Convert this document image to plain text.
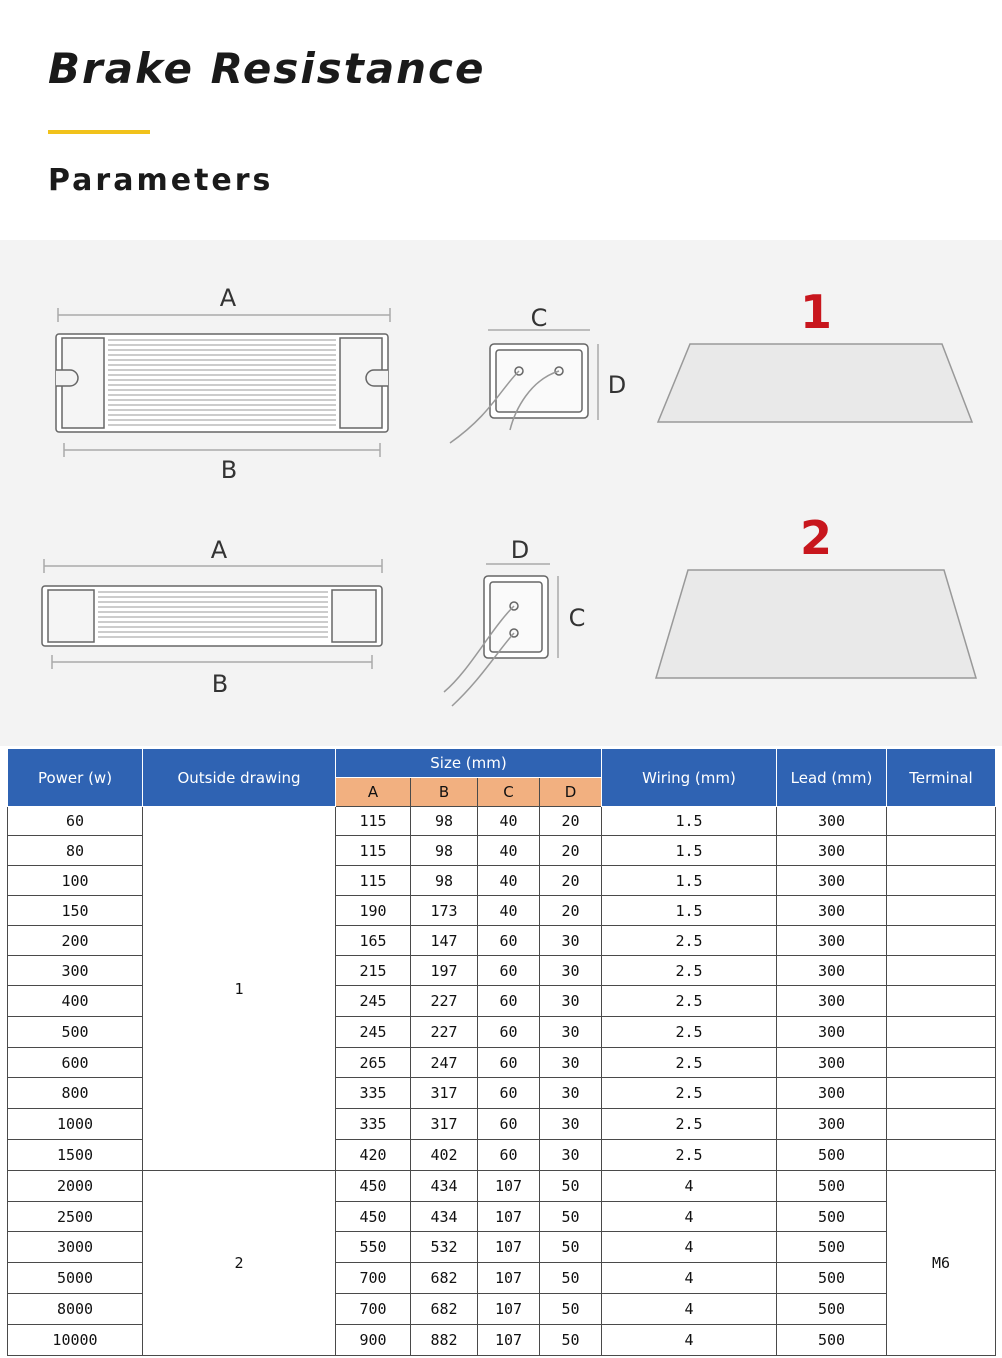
Brake Resistance
Parameters
A
B
C
D
1
A
B
D
C
2
Power (w)	Outside drawing	Size (mm)				Wiring (mm)	Lead (mm)	Terminal
		A	B	C	D			
60	1	115	98	40	20	1.5	300	
80		115	98	40	20	1.5	300	
100		115	98	40	20	1.5	300	
150		190	173	40	20	1.5	300	
200		165	147	60	30	2.5	300	
300		215	197	60	30	2.5	300	
400		245	227	60	30	2.5	300	
500		245	227	60	30	2.5	300	
600		265	247	60	30	2.5	300	
800		335	317	60	30	2.5	300	
1000		335	317	60	30	2.5	300	
1500		420	402	60	30	2.5	500	
2000	2	450	434	107	50	4	500	M6
2500		450	434	107	50	4	500	
3000		550	532	107	50	4	500	
5000		700	682	107	50	4	500	
8000		700	682	107	50	4	500	
10000		900	882	107	50	4	500	
